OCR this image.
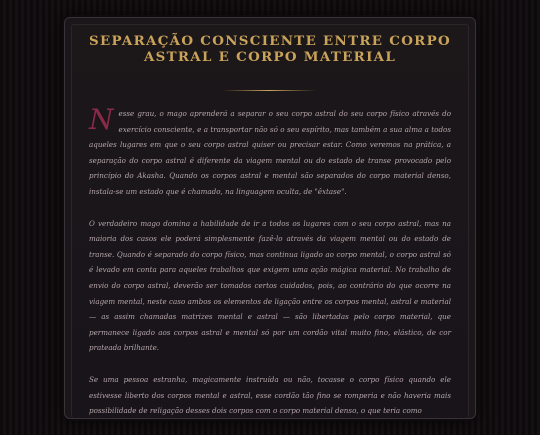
SEPARAÇÃO CONSCIENTE ENTRE CORPO
ASTRAL E CORPO MATERIAL

Nesse grau, o mago aprenderá a separar o seu corpo astral do seu corpo físico através do exercício consciente, e a transportar não só o seu espírito, mas também a sua alma a todos aqueles lugares em que o seu corpo astral quiser ou precisar estar. Como veremos na prática, a separação do corpo astral é diferente da viagem mental ou do estado de transe provocado pelo princípio do Akasha. Quando os corpos astral e mental são separados do corpo material denso, instala-se um estado que é chamado, na linguagem oculta, de "êxtase".

O verdadeiro mago domina a habilidade de ir a todos os lugares com o seu corpo astral, mas na maioria dos casos ele poderá simplesmente fazê-lo através da viagem mental ou do estado de transe. Quando é separado do corpo físico, mas continua ligado ao corpo mental, o corpo astral só é levado em conta para aqueles trabalhos que exigem uma ação mágica material. No trabalho de envio do corpo astral, deverão ser tomados certos cuidados, pois, ao contrário do que ocorre na viagem mental, neste caso ambos os elementos de ligação entre os corpos mental, astral e material — as assim chamadas matrizes mental e astral — são libertadas pelo corpo material, que permanece ligado aos corpos astral e mental só por um cordão vital muito fino, elástico, de cor prateada brilhante.

Se uma pessoa estranha, magicamente instruída ou não, tocasse o corpo físico quando ele estivesse liberto dos corpos mental e astral, esse cordão tão fino se romperia e não haveria mais possibilidade de religação desses dois corpos com o corpo material denso, o que teria como
